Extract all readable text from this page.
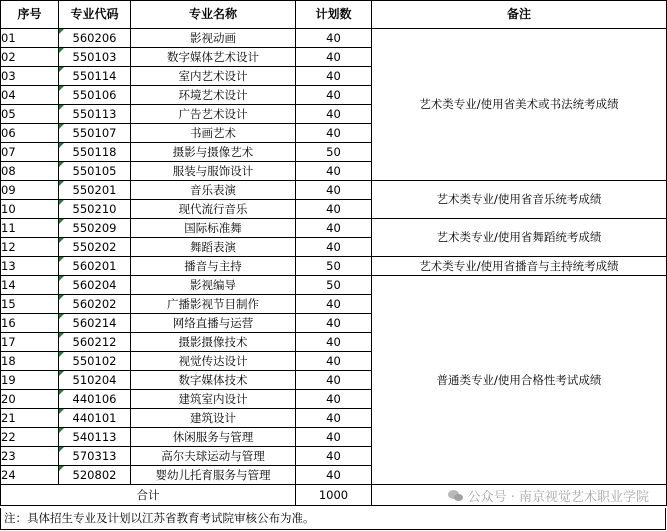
序号	专业代码	专业名称	计划数	备注
01	560206	影视动画	40	艺术类专业/使用省美术或书法统考成绩
02	550103	数字媒体艺术设计	40	
03	550114	室内艺术设计	40	
04	550106	环境艺术设计	40	
05	550113	广告艺术设计	40	
06	550107	书画艺术	40	
07	550118	摄影与摄像艺术	50	
08	550105	服装与服饰设计	40	
09	550201	音乐表演	40	艺术类专业/使用省音乐统考成绩
10	550210	现代流行音乐	40	
11	550209	国际标准舞	40	艺术类专业/使用省舞蹈统考成绩
12	550202	舞蹈表演	40	
13	560201	播音与主持	50	艺术类专业/使用省播音与主持统考成绩
14	560204	影视编导	50	普通类专业/使用合格性考试成绩
15	560202	广播影视节目制作	40	
16	560214	网络直播与运营	40	
17	560212	摄影摄像技术	40	
18	550102	视觉传达设计	40	
19	510204	数字媒体技术	40	
20	440106	建筑室内设计	40	
21	440101	建筑设计	40	
22	540113	休闲服务与管理	40	
23	570313	高尔夫球运动与管理	40	
24	520802	婴幼儿托育服务与管理	40	
合计			1000	
注：具体招生专业及计划以江苏省教育考试院审核公布为准。
公众号 · 南京视觉艺术职业学院
